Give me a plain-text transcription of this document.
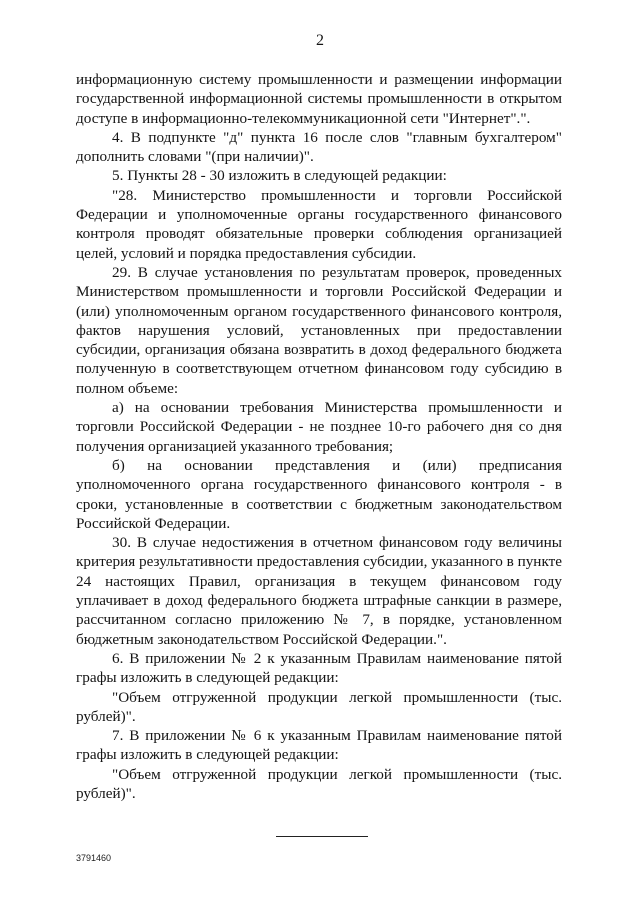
2

информационную систему промышленности и размещении информации государственной информационной системы промышленности в открытом доступе в информационно-телекоммуникационной сети "Интернет".".

4. В подпункте "д" пункта 16 после слов "главным бухгалтером" дополнить словами "(при наличии)".

5. Пункты 28 - 30 изложить в следующей редакции:

"28. Министерство промышленности и торговли Российской Федерации и уполномоченные органы государственного финансового контроля проводят обязательные проверки соблюдения организацией целей, условий и порядка предоставления субсидии.

29. В случае установления по результатам проверок, проведенных Министерством промышленности и торговли Российской Федерации и (или) уполномоченным органом государственного финансового контроля, фактов нарушения условий, установленных при предоставлении субсидии, организация обязана возвратить в доход федерального бюджета полученную в соответствующем отчетном финансовом году субсидию в полном объеме:

а) на основании требования Министерства промышленности и торговли Российской Федерации - не позднее 10-го рабочего дня со дня получения организацией указанного требования;

б) на основании представления и (или) предписания уполномоченного органа государственного финансового контроля - в сроки, установленные в соответствии с бюджетным законодательством Российской Федерации.

30. В случае недостижения в отчетном финансовом году величины критерия результативности предоставления субсидии, указанного в пункте 24 настоящих Правил, организация в текущем финансовом году уплачивает в доход федерального бюджета штрафные санкции в размере, рассчитанном согласно приложению № 7, в порядке, установленном бюджетным законодательством Российской Федерации.".

6. В приложении № 2 к указанным Правилам наименование пятой графы изложить в следующей редакции:

"Объем отгруженной продукции легкой промышленности (тыс. рублей)".

7. В приложении № 6 к указанным Правилам наименование пятой графы изложить в следующей редакции:

"Объем отгруженной продукции легкой промышленности (тыс. рублей)".

3791460
